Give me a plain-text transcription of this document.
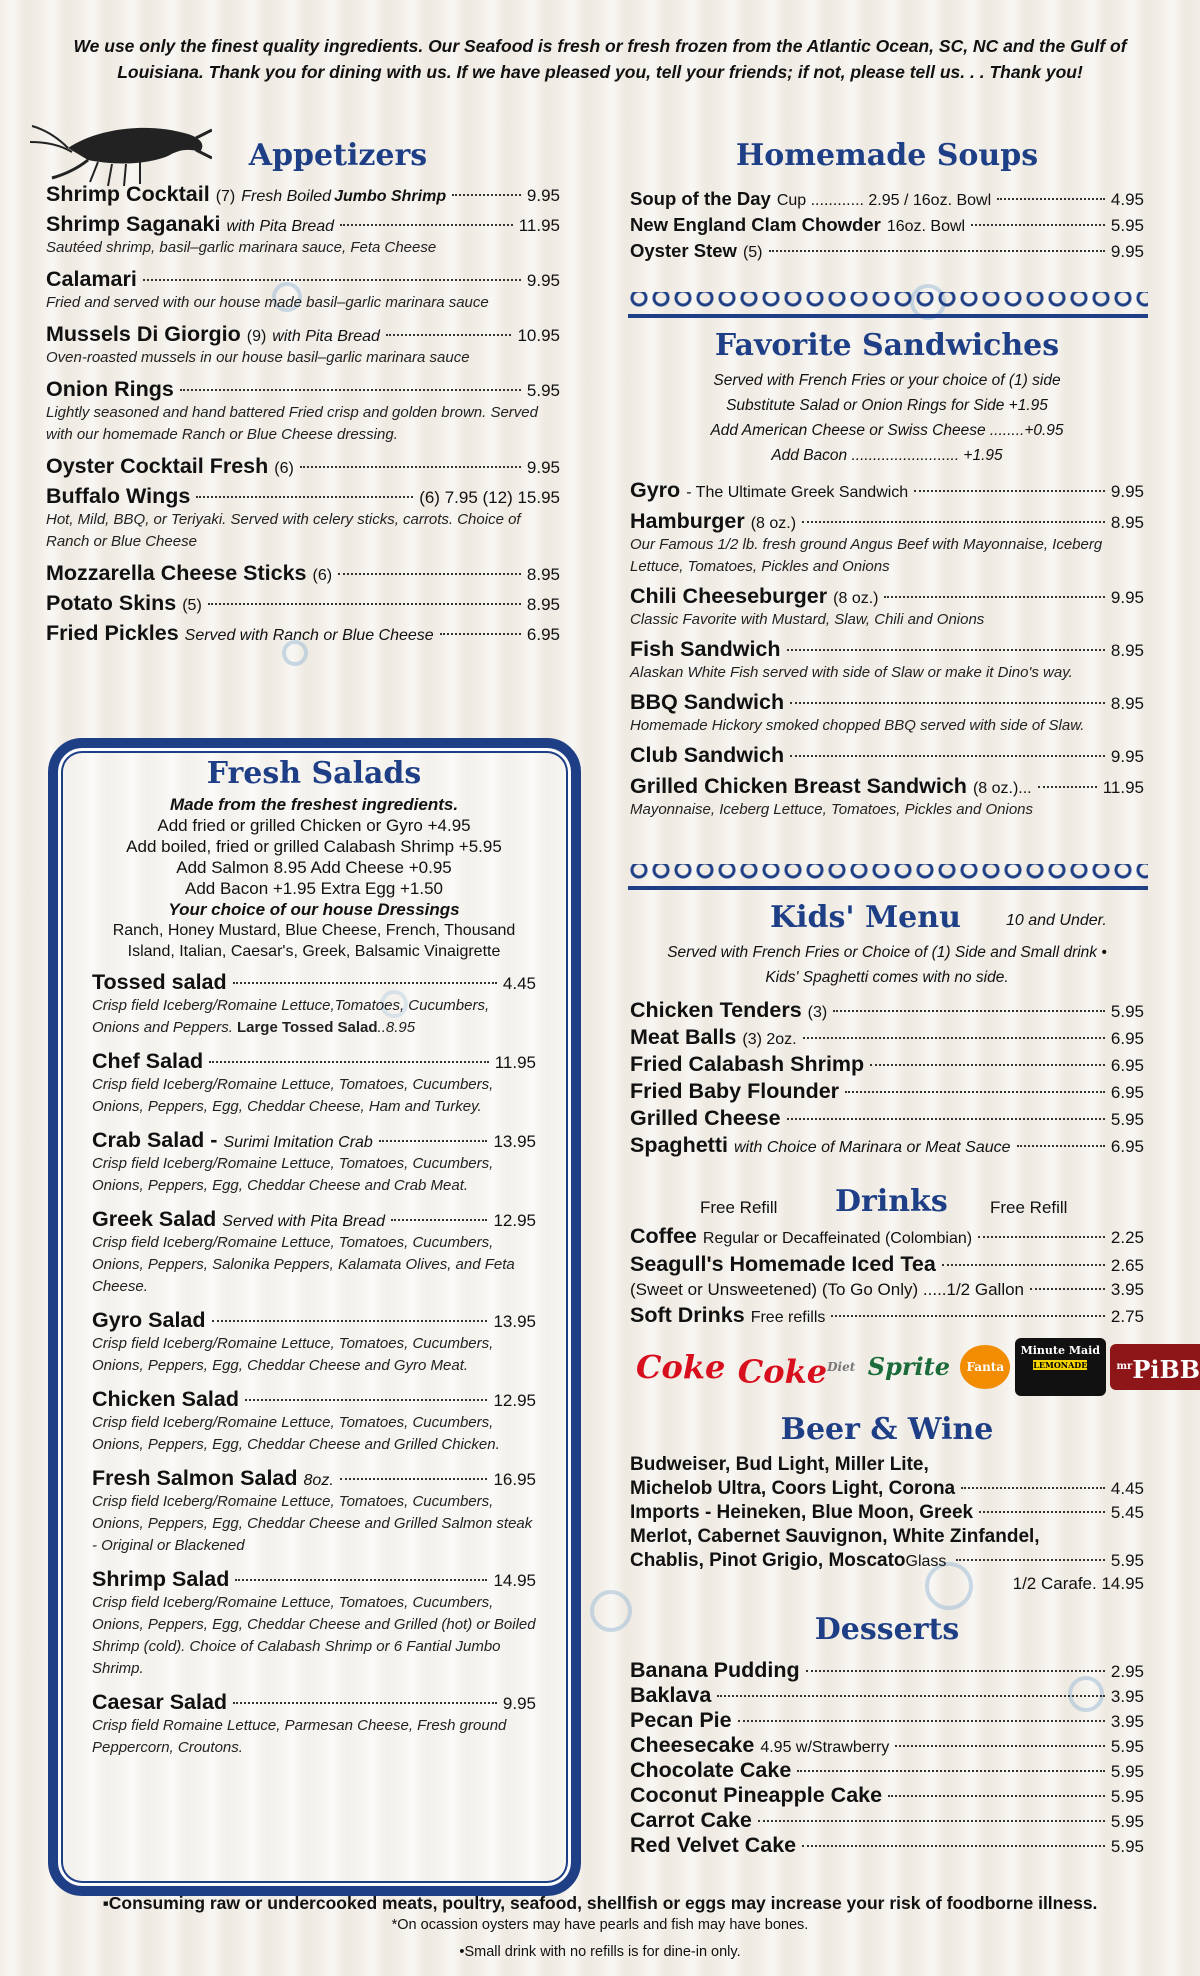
We use only the finest quality ingredients. Our Seafood is fresh or fresh frozen from the Atlantic Ocean, SC, NC and the Gulf of Louisiana. Thank you for dining with us. If we have pleased you, tell your friends; if not, please tell us. . . Thank you!
Appetizers
Shrimp Cocktail (7) Fresh Boiled Jumbo Shrimp	9.95
Shrimp Saganaki with Pita Bread	11.95
Sautéed shrimp, basil–garlic marinara sauce, Feta Cheese
Calamari	9.95
Fried and served with our house made basil–garlic marinara sauce
Mussels Di Giorgio (9) with Pita Bread	10.95
Oven-roasted mussels in our house basil–garlic marinara sauce
Onion Rings	5.95
Lightly seasoned and hand battered Fried crisp and golden brown. Served with our homemade Ranch or Blue Cheese dressing.
Oyster Cocktail Fresh (6)	9.95
Buffalo Wings	(6) 7.95 (12) 15.95
Hot, Mild, BBQ, or Teriyaki. Served with celery sticks, carrots. Choice of Ranch or Blue Cheese
Mozzarella Cheese Sticks (6)	8.95
Potato Skins (5)	8.95
Fried Pickles Served with Ranch or Blue Cheese	6.95
Fresh Salads
Made from the freshest ingredients.
Add fried or grilled Chicken or Gyro +4.95
Add boiled, fried or grilled Calabash Shrimp +5.95
Add Salmon 8.95 Add Cheese +0.95
Add Bacon +1.95 Extra Egg +1.50
Your choice of our house Dressings
Ranch, Honey Mustard, Blue Cheese, French, Thousand Island, Italian, Caesar's, Greek, Balsamic Vinaigrette
Tossed salad	4.45
Crisp field Iceberg/Romaine Lettuce,Tomatoes, Cucumbers, Onions and Peppers. Large Tossed Salad..8.95
Chef Salad	11.95
Crisp field Iceberg/Romaine Lettuce, Tomatoes, Cucumbers, Onions, Peppers, Egg, Cheddar Cheese, Ham and Turkey.
Crab Salad - Surimi Imitation Crab	13.95
Crisp field Iceberg/Romaine Lettuce, Tomatoes, Cucumbers, Onions, Peppers, Egg, Cheddar Cheese and Crab Meat.
Greek Salad Served with Pita Bread	12.95
Crisp field Iceberg/Romaine Lettuce, Tomatoes, Cucumbers, Onions, Peppers, Salonika Peppers, Kalamata Olives, and Feta Cheese.
Gyro Salad	13.95
Crisp field Iceberg/Romaine Lettuce, Tomatoes, Cucumbers, Onions, Peppers, Egg, Cheddar Cheese and Gyro Meat.
Chicken Salad	12.95
Crisp field Iceberg/Romaine Lettuce, Tomatoes, Cucumbers, Onions, Peppers, Egg, Cheddar Cheese and Grilled Chicken.
Fresh Salmon Salad 8oz.	16.95
Crisp field Iceberg/Romaine Lettuce, Tomatoes, Cucumbers, Onions, Peppers, Egg, Cheddar Cheese and Grilled Salmon steak - Original or Blackened
Shrimp Salad	14.95
Crisp field Iceberg/Romaine Lettuce, Tomatoes, Cucumbers, Onions, Peppers, Egg, Cheddar Cheese and Grilled (hot) or Boiled Shrimp (cold). Choice of Calabash Shrimp or 6 Fantial Jumbo Shrimp.
Caesar Salad	9.95
Crisp field Romaine Lettuce, Parmesan Cheese, Fresh ground Peppercorn, Croutons.
Homemade Soups
Soup of the Day Cup ............ 2.95 / 16oz. Bowl	4.95
New England Clam Chowder 16oz. Bowl	5.95
Oyster Stew (5)	9.95
Favorite Sandwiches
Served with French Fries or your choice of (1) side
Substitute Salad or Onion Rings for Side +1.95
Add American Cheese or Swiss Cheese ........+0.95
Add Bacon ......................... +1.95
Gyro - The Ultimate Greek Sandwich	9.95
Hamburger (8 oz.)	8.95
Our Famous 1/2 lb. fresh ground Angus Beef with Mayonnaise, Iceberg Lettuce, Tomatoes, Pickles and Onions
Chili Cheeseburger (8 oz.)	9.95
Classic Favorite with Mustard, Slaw, Chili and Onions
Fish Sandwich	8.95
Alaskan White Fish served with side of Slaw or make it Dino's way.
BBQ Sandwich	8.95
Homemade Hickory smoked chopped BBQ served with side of Slaw.
Club Sandwich	9.95
Grilled Chicken Breast Sandwich (8 oz.)...	11.95
Mayonnaise, Iceberg Lettuce, Tomatoes, Pickles and Onions
Kids' Menu	10 and Under.
Served with French Fries or Choice of (1) Side and Small drink •
Kids' Spaghetti comes with no side.
Chicken Tenders (3)	5.95
Meat Balls (3) 2oz.	6.95
Fried Calabash Shrimp	6.95
Fried Baby Flounder	6.95
Grilled Cheese	5.95
Spaghetti with Choice of Marinara or Meat Sauce	6.95
Free Refill Drinks Free Refill
Coffee Regular or Decaffeinated (Colombian)	2.25
Seagull's Homemade Iced Tea	2.65
(Sweet or Unsweetened) (To Go Only) .....1/2 Gallon	3.95
Soft Drinks Free refills	2.75
Coke Coke$^{Diet}$ Sprite Fanta Minute Maid
LEMONADE	$^{mr}$PiBB
Beer & Wine
Budweiser, Bud Light, Miller Lite,
Michelob Ultra, Coors Light, Corona	4.45
Imports - Heineken, Blue Moon, Greek	5.45
Merlot, Cabernet Sauvignon, White Zinfandel,
Chablis, Pinot Grigio, Moscato Glass	5.95
1/2 Carafe. 14.95
Desserts
Banana Pudding	2.95
Baklava	3.95
Pecan Pie	3.95
Cheesecake 4.95 w/Strawberry	5.95
Chocolate Cake	5.95
Coconut Pineapple Cake	5.95
Carrot Cake	5.95
Red Velvet Cake	5.95
▪Consuming raw or undercooked meats, poultry, seafood, shellfish or eggs may increase your risk of foodborne illness.
*On ocassion oysters may have pearls and fish may have bones.
•Small drink with no refills is for dine-in only.
